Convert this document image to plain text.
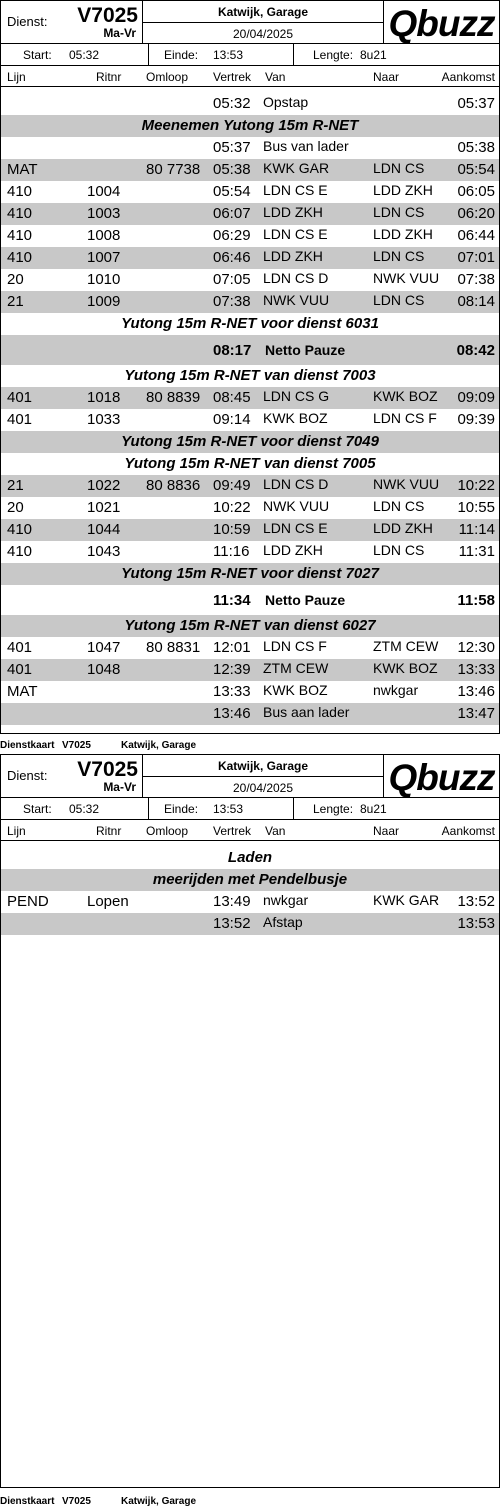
Dienst:	V7025
Ma-Vr
Katwijk, Garage
20/04/2025	Qbuzz
Start: 05:32	Einde: 13:53	Lengte: 8u21
Lijn	Ritnr Omloop Vertrek Van	Naar	Aankomst
05:32 Opstap	05:37
Meenemen Yutong 15m R-NET
05:37 Bus van lader	05:38
MAT	80 7738 05:38 KWK GAR	LDN CS 05:54
410	1004	05:54 LDN CS E	LDD ZKH 06:05
410	1003	06:07 LDD ZKH	LDN CS 06:20
410	1008	06:29 LDN CS E	LDD ZKH 06:44
410	1007	06:46 LDD ZKH	LDN CS 07:01
20	1010	07:05 LDN CS D	NWK VUU 07:38
21	1009	07:38 NWK VUU	LDN CS 08:14
Yutong 15m R-NET voor dienst 6031
08:17 Netto Pauze	08:42
Yutong 15m R-NET van dienst 7003
401	1018 80 8839 08:45 LDN CS G	KWK BOZ 09:09
401	1033	09:14 KWK BOZ	LDN CS F 09:39
Yutong 15m R-NET voor dienst 7049
Yutong 15m R-NET van dienst 7005
21	1022 80 8836 09:49 LDN CS D	NWK VUU 10:22
20	1021	10:22 NWK VUU	LDN CS 10:55
410	1044	10:59 LDN CS E	LDD ZKH 11:14
410	1043	11:16 LDD ZKH	LDN CS 11:31
Yutong 15m R-NET voor dienst 7027
11:34 Netto Pauze	11:58
Yutong 15m R-NET van dienst 6027
401	1047 80 8831 12:01 LDN CS F	ZTM CEW 12:30
401	1048	12:39 ZTM CEW	KWK BOZ 13:33
MAT	13:33 KWK BOZ	nwkgar	13:46
13:46 Bus aan lader	13:47
Dienstkaart V7025	Katwijk, Garage
Dienst:	V7025
Ma-Vr
Katwijk, Garage
20/04/2025	Qbuzz
Start: 05:32	Einde: 13:53	Lengte: 8u21
Lijn	Ritnr Omloop Vertrek Van	Naar	Aankomst
Laden
meerijden met Pendelbusje
PEND	Lopen	13:49 nwkgar	KWK GAR 13:52
13:52 Afstap	13:53
Dienstkaart V7025	Katwijk, Garage
